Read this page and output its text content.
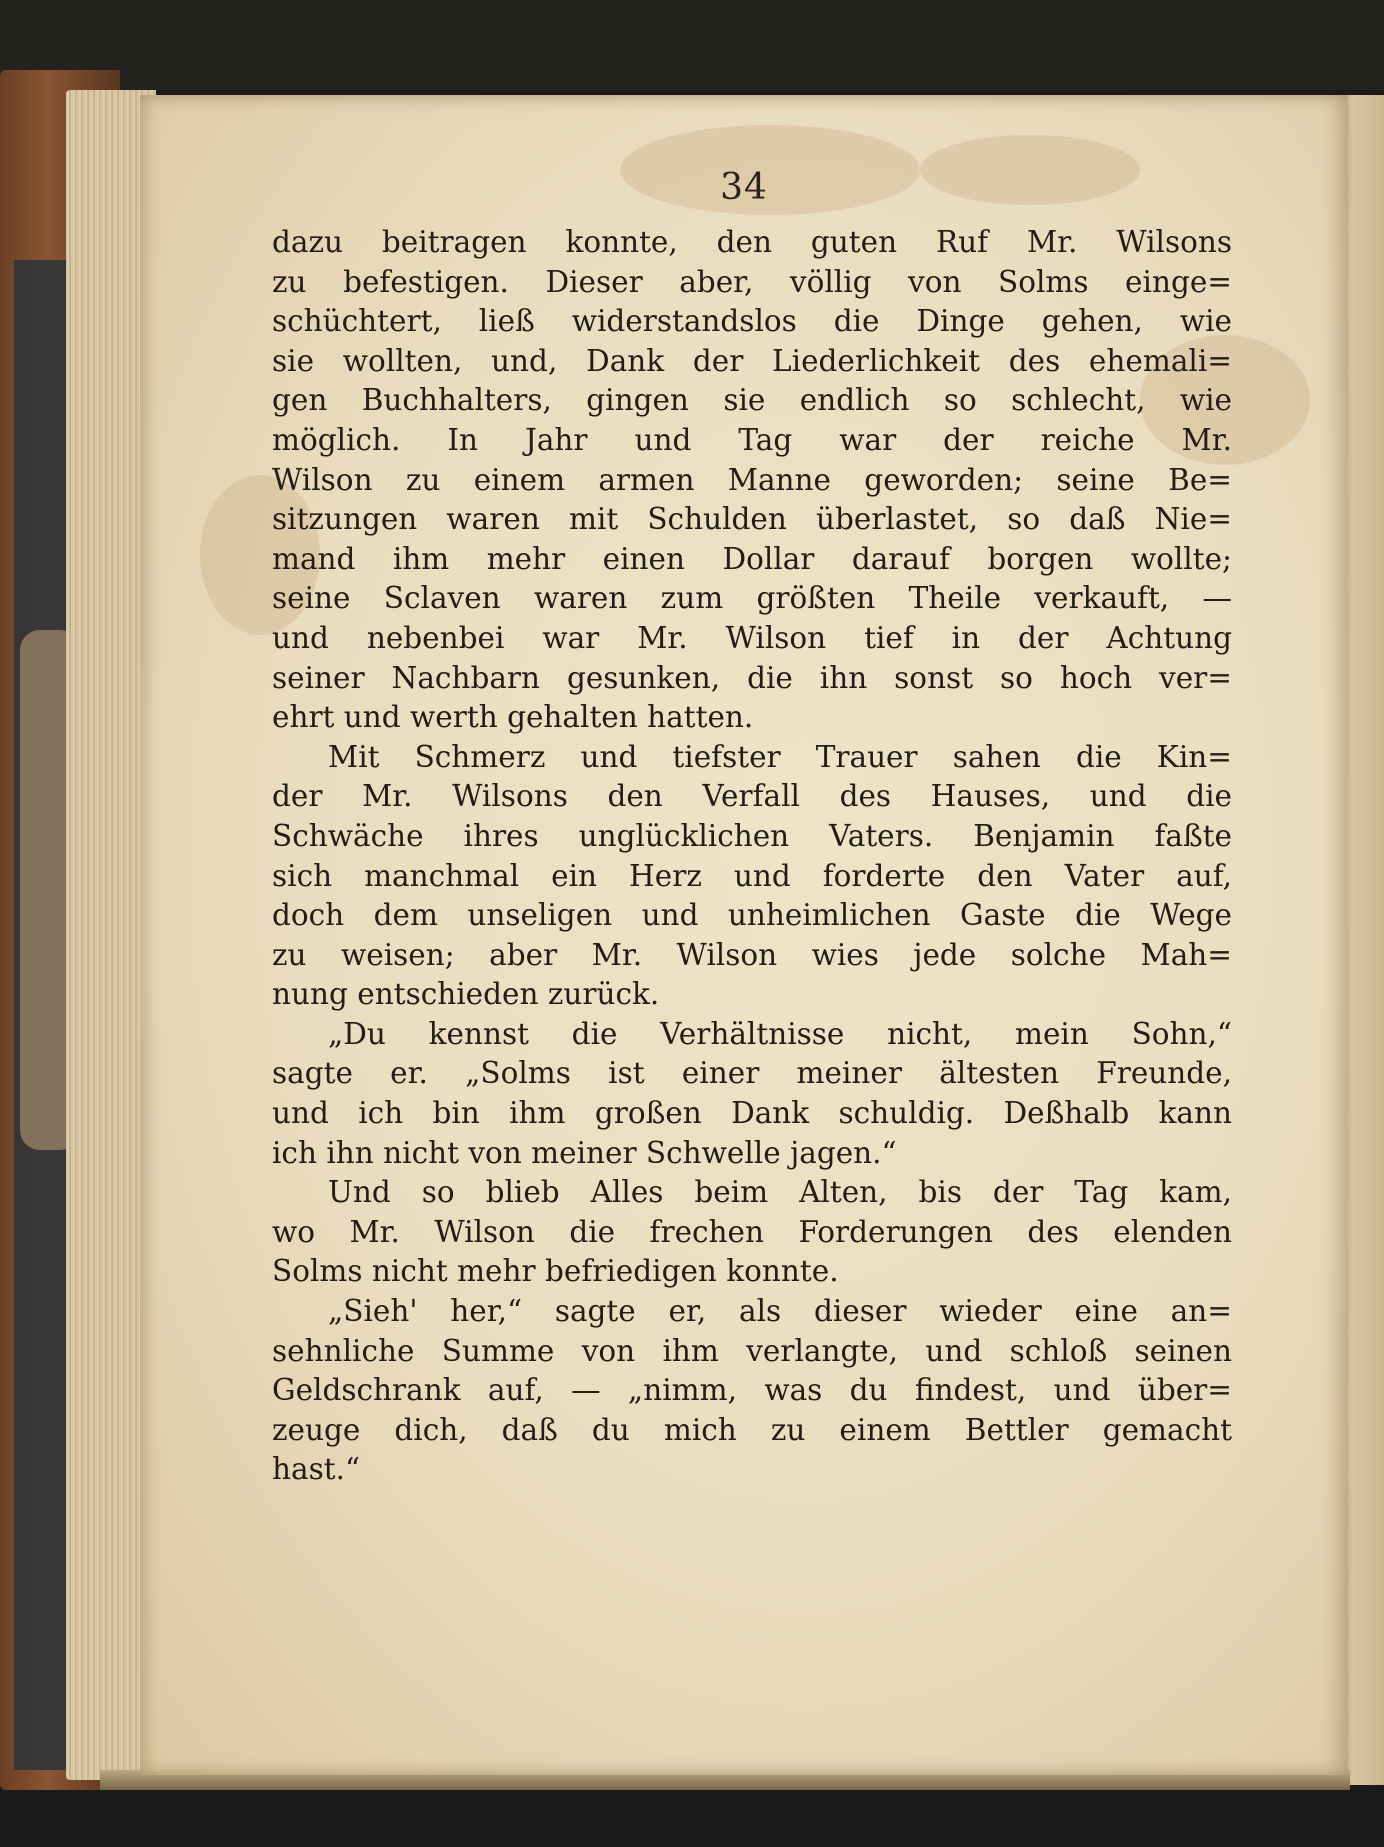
34
dazu beitragen konnte, den guten Ruf Mr. Wilsons
zu befestigen. Dieser aber, völlig von Solms einge=
schüchtert, ließ widerstandslos die Dinge gehen, wie
sie wollten, und, Dank der Liederlichkeit des ehemali=
gen Buchhalters, gingen sie endlich so schlecht, wie
möglich. In Jahr und Tag war der reiche Mr.
Wilson zu einem armen Manne geworden; seine Be=
sitzungen waren mit Schulden überlastet, so daß Nie=
mand ihm mehr einen Dollar darauf borgen wollte;
seine Sclaven waren zum größten Theile verkauft, —
und nebenbei war Mr. Wilson tief in der Achtung
seiner Nachbarn gesunken, die ihn sonst so hoch ver=
ehrt und werth gehalten hatten.
Mit Schmerz und tiefster Trauer sahen die Kin=
der Mr. Wilsons den Verfall des Hauses, und die
Schwäche ihres unglücklichen Vaters. Benjamin faßte
sich manchmal ein Herz und forderte den Vater auf,
doch dem unseligen und unheimlichen Gaste die Wege
zu weisen; aber Mr. Wilson wies jede solche Mah=
nung entschieden zurück.
„Du kennst die Verhältnisse nicht, mein Sohn,“
sagte er. „Solms ist einer meiner ältesten Freunde,
und ich bin ihm großen Dank schuldig. Deßhalb kann
ich ihn nicht von meiner Schwelle jagen.“
Und so blieb Alles beim Alten, bis der Tag kam,
wo Mr. Wilson die frechen Forderungen des elenden
Solms nicht mehr befriedigen konnte.
„Sieh' her,“ sagte er, als dieser wieder eine an=
sehnliche Summe von ihm verlangte, und schloß seinen
Geldschrank auf, — „nimm, was du findest, und über=
zeuge dich, daß du mich zu einem Bettler gemacht
hast.“
